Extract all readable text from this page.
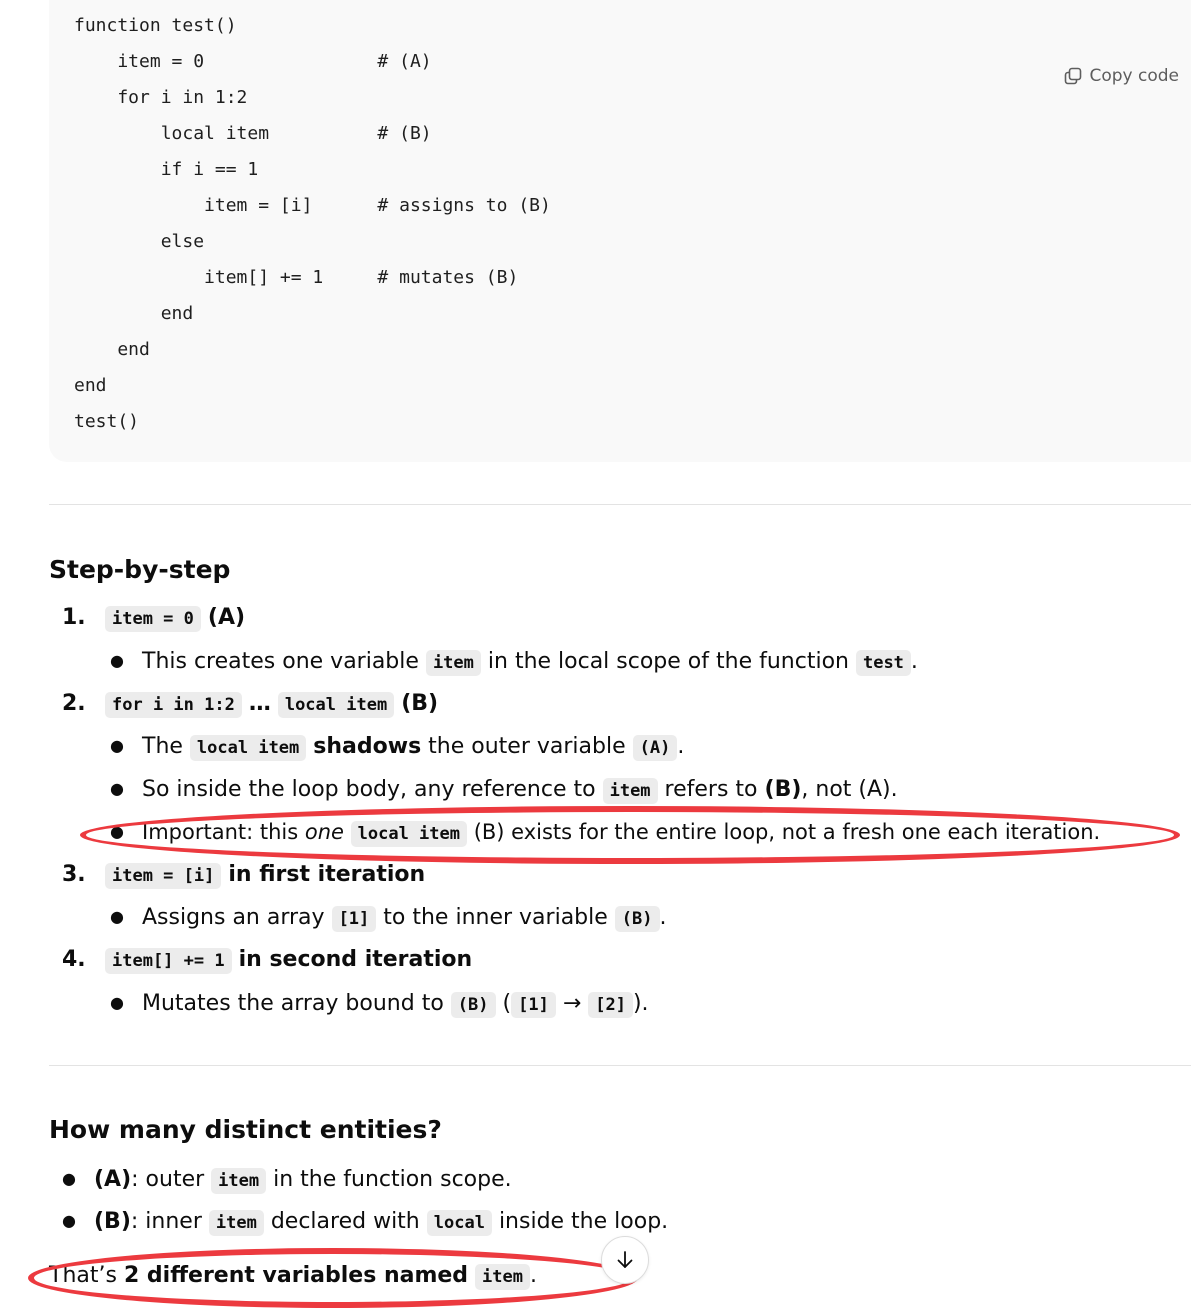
function test()
item = 0                # (A)
for i in 1:2
local item          # (B)
if i == 1
item = [i]      # assigns to (B)
else
item[] += 1     # mutates (B)
end
end
end
test()
Copy code
Step-by-step
1. item = 0 (A)
● This creates one variable item in the local scope of the function test .
2. for i in 1:2 … local item (B)
● The local item shadows the outer variable (A) .
● So inside the loop body, any reference to item refers to (B), not (A).
● Important: this one local item (B) exists for the entire loop, not a fresh one each iteration.
3. item = [i] in first iteration
● Assigns an array [1] to the inner variable (B) .
4. item[] += 1 in second iteration
● Mutates the array bound to (B) ( [1] → [2] ).
How many distinct entities?
● (A): outer item in the function scope.
● (B): inner item declared with local inside the loop.
That’s 2 different variables named item .
